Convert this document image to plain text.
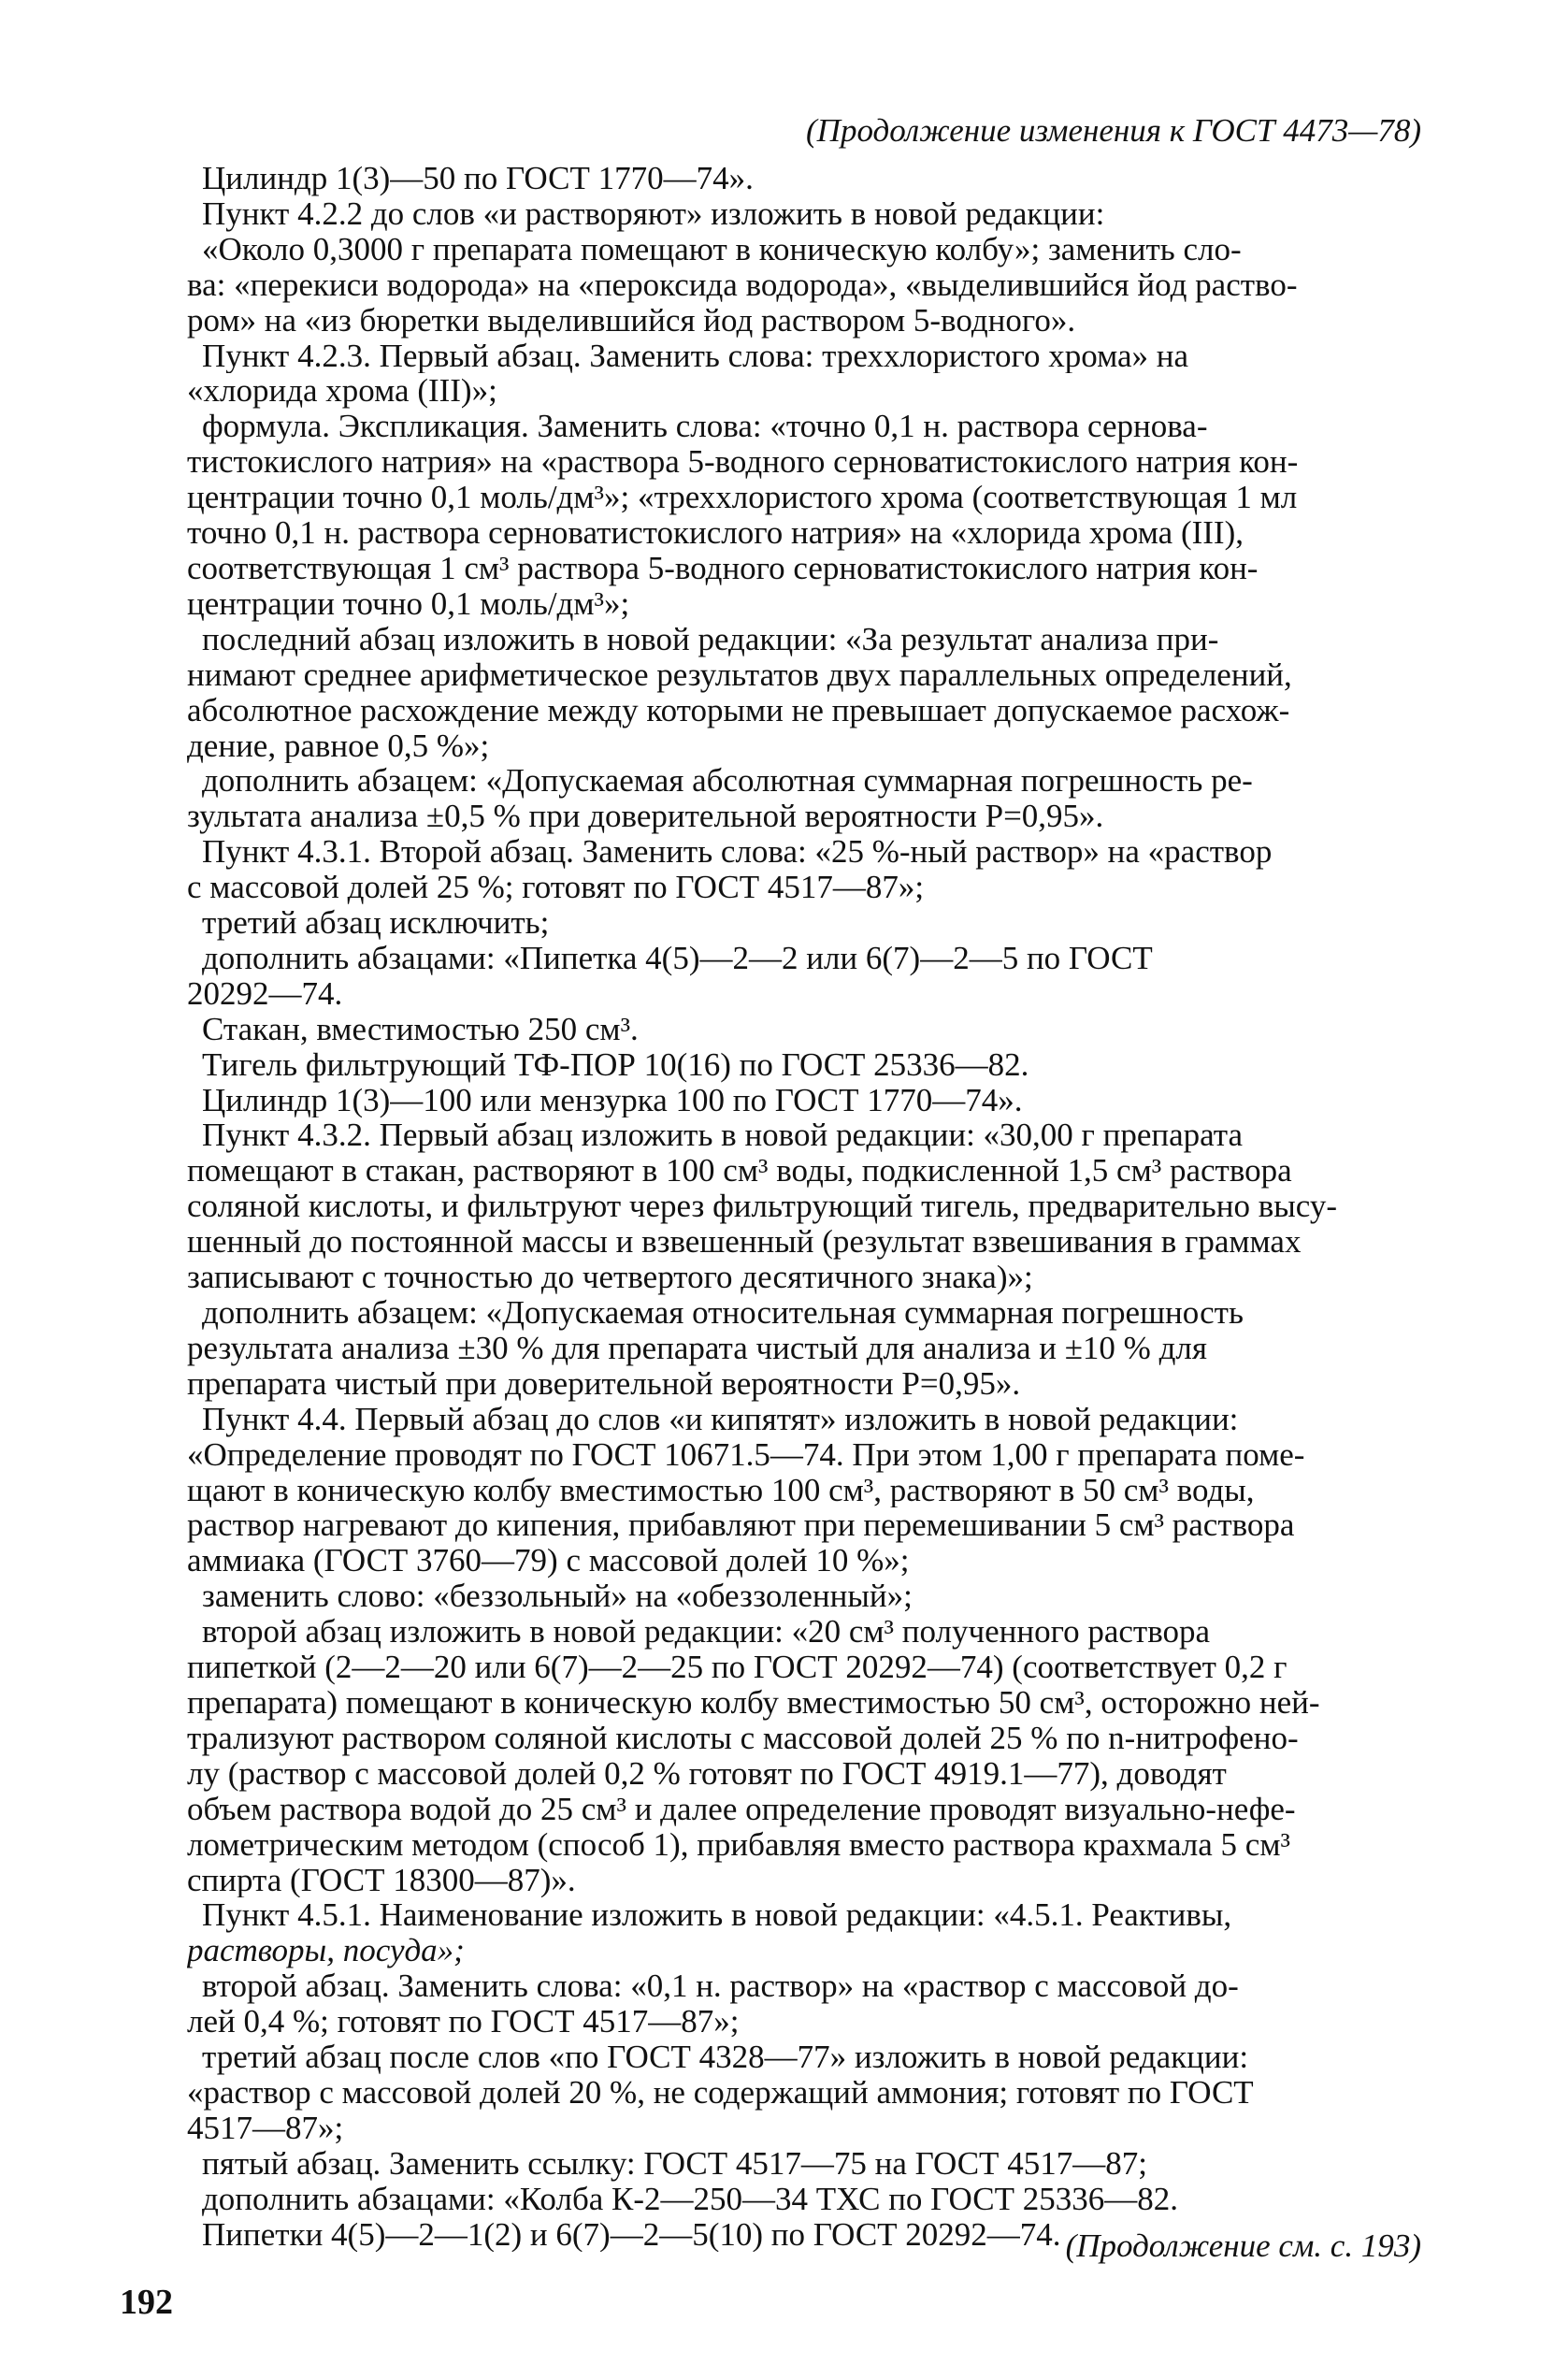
(Продолжение изменения к ГОСТ 4473—78)

Цилиндр 1(3)—50 по ГОСТ 1770—74».
Пункт 4.2.2 до слов «и растворяют» изложить в новой редакции:
«Около 0,3000 г препарата помещают в коническую колбу»; заменить сло-
ва: «перекиси водорода» на «пероксида водорода», «выделившийся йод раство-
ром» на «из бюретки выделившийся йод раствором 5-водного».
Пункт 4.2.3. Первый абзац. Заменить слова: треххлористого хрома» на
«хлорида хрома (III)»;
формула. Экспликация. Заменить слова: «точно 0,1 н. раствора сернова-
тистокислого натрия» на «раствора 5-водного серноватистокислого натрия кон-
центрации точно 0,1 моль/дм³»; «треххлористого хрома (соответствующая 1 мл
точно 0,1 н. раствора серноватистокислого натрия» на «хлорида хрома (III),
соответствующая 1 см³ раствора 5-водного серноватистокислого натрия кон-
центрации точно 0,1 моль/дм³»;
последний абзац изложить в новой редакции: «За результат анализа при-
нимают среднее арифметическое результатов двух параллельных определений,
абсолютное расхождение между которыми не превышает допускаемое расхож-
дение, равное 0,5 %»;
дополнить абзацем: «Допускаемая абсолютная суммарная погрешность ре-
зультата анализа ±0,5 % при доверительной вероятности P=0,95».
Пункт 4.3.1. Второй абзац. Заменить слова: «25 %-ный раствор» на «раствор
с массовой долей 25 %; готовят по ГОСТ 4517—87»;
третий абзац исключить;
дополнить абзацами: «Пипетка 4(5)—2—2 или 6(7)—2—5 по ГОСТ
20292—74.
Стакан, вместимостью 250 см³.
Тигель фильтрующий ТФ-ПОР 10(16) по ГОСТ 25336—82.
Цилиндр 1(3)—100 или мензурка 100 по ГОСТ 1770—74».
Пункт 4.3.2. Первый абзац изложить в новой редакции: «30,00 г препарата
помещают в стакан, растворяют в 100 см³ воды, подкисленной 1,5 см³ раствора
соляной кислоты, и фильтруют через фильтрующий тигель, предварительно высу-
шенный до постоянной массы и взвешенный (результат взвешивания в граммах
записывают с точностью до четвертого десятичного знака)»;
дополнить абзацем: «Допускаемая относительная суммарная погрешность
результата анализа ±30 % для препарата чистый для анализа и ±10 % для
препарата чистый при доверительной вероятности P=0,95».
Пункт 4.4. Первый абзац до слов «и кипятят» изложить в новой редакции:
«Определение проводят по ГОСТ 10671.5—74. При этом 1,00 г препарата поме-
щают в коническую колбу вместимостью 100 см³, растворяют в 50 см³ воды,
раствор нагревают до кипения, прибавляют при перемешивании 5 см³ раствора
аммиака (ГОСТ 3760—79) с массовой долей 10 %»;
заменить слово: «беззольный» на «обеззоленный»;
второй абзац изложить в новой редакции: «20 см³ полученного раствора
пипеткой (2—2—20 или 6(7)—2—25 по ГОСТ 20292—74) (соответствует 0,2 г
препарата) помещают в коническую колбу вместимостью 50 см³, осторожно ней-
трализуют раствором соляной кислоты с массовой долей 25 % по n-нитрофено-
лу (раствор с массовой долей 0,2 % готовят по ГОСТ 4919.1—77), доводят
объем раствора водой до 25 см³ и далее определение проводят визуально-нефе-
лометрическим методом (способ 1), прибавляя вместо раствора крахмала 5 см³
спирта (ГОСТ 18300—87)».
Пункт 4.5.1. Наименование изложить в новой редакции: «4.5.1. Реактивы,
растворы, посуда»;
второй абзац. Заменить слова: «0,1 н. раствор» на «раствор с массовой до-
лей 0,4 %; готовят по ГОСТ 4517—87»;
третий абзац после слов «по ГОСТ 4328—77» изложить в новой редакции:
«раствор с массовой долей 20 %, не содержащий аммония; готовят по ГОСТ
4517—87»;
пятый абзац. Заменить ссылку: ГОСТ 4517—75 на ГОСТ 4517—87;
дополнить абзацами: «Колба К-2—250—34 ТХС по ГОСТ 25336—82.
Пипетки 4(5)—2—1(2) и 6(7)—2—5(10) по ГОСТ 20292—74. (Продолжение см. с. 193)
192
